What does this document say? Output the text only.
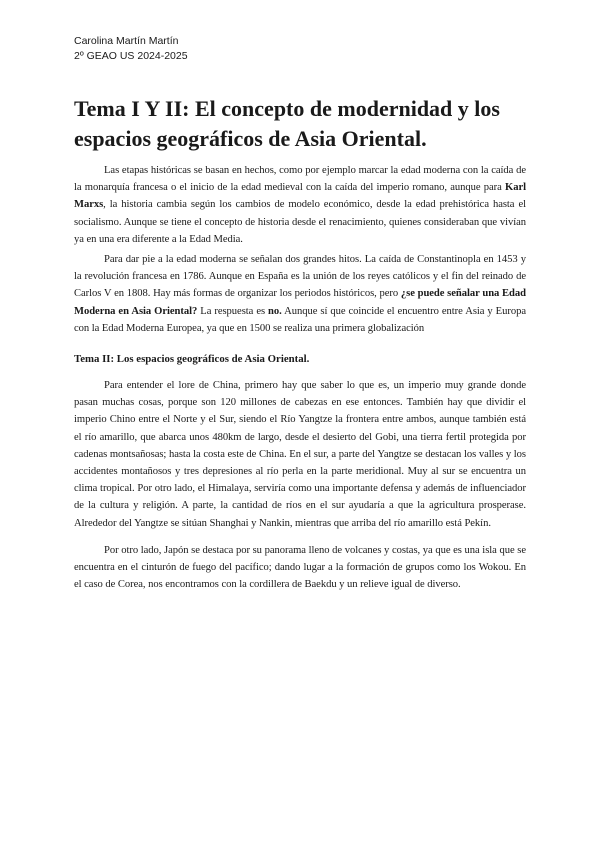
Carolina Martín Martín

2º GEAO US 2024-2025

Tema I Y II: El concepto de modernidad y los espacios geográficos de Asia Oriental.

Las etapas históricas se basan en hechos, como por ejemplo marcar la edad moderna con la caída de la monarquía francesa o el inicio de la edad medieval con la caída del imperio romano, aunque para Karl Marxs, la historia cambia según los cambios de modelo económico, desde la edad prehistórica hasta el socialismo. Aunque se tiene el concepto de historia desde el renacimiento, quienes consideraban que vivían ya en una era diferente a la Edad Media.

Para dar pie a la edad moderna se señalan dos grandes hitos. La caída de Constantinopla en 1453 y la revolución francesa en 1786. Aunque en España es la unión de los reyes católicos y el fin del reinado de Carlos V en 1808. Hay más formas de organizar los periodos históricos, pero ¿se puede señalar una Edad Moderna en Asia Oriental? La respuesta es no. Aunque sí que coincide el encuentro entre Asia y Europa con la Edad Moderna Europea, ya que en 1500 se realiza una primera globalización

Tema II: Los espacios geográficos de Asia Oriental.

Para entender el lore de China, primero hay que saber lo que es, un imperio muy grande donde pasan muchas cosas, porque son 120 millones de cabezas en ese entonces. También hay que dividir el imperio Chino entre el Norte y el Sur, siendo el Río Yangtze la frontera entre ambos, aunque también está el río amarillo, que abarca unos 480km de largo, desde el desierto del Gobi, una tierra fertil protegida por cadenas montsañosas; hasta la costa este de China. En el sur, a parte del Yangtze se destacan los valles y los accidentes montañosos y tres depresiones al río perla en la parte meridional. Muy al sur se encuentra un clima tropical. Por otro lado, el Himalaya, serviría como una importante defensa y además de influenciador de la cultura y religión. A parte, la cantidad de ríos en el sur ayudaría a que la agricultura prosperase. Alrededor del Yangtze se sitúan Shanghai y Nankin, mientras que arriba del río amarillo está Pekín.

Por otro lado, Japón se destaca por su panorama lleno de volcanes y costas, ya que es una isla que se encuentra en el cinturón de fuego del pacífico; dando lugar a la formación de grupos como los Wokou. En el caso de Corea, nos encontramos con la cordillera de Baekdu y un relieve igual de diverso.
